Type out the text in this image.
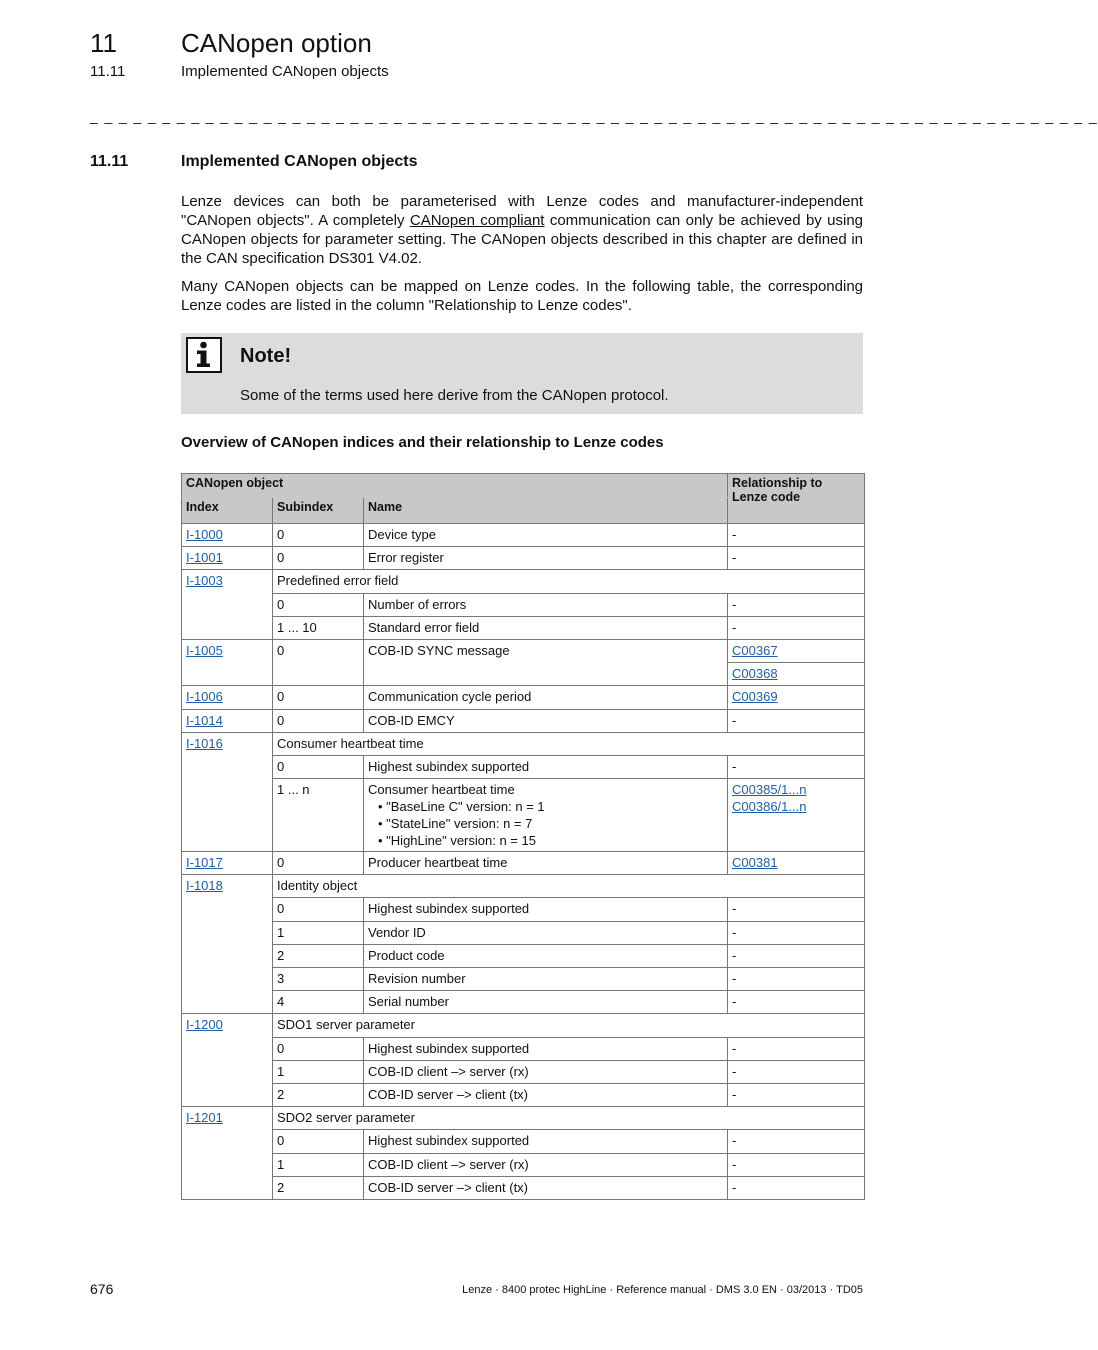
11 CANopen option
11.11	Implemented CANopen objects
_ _ _ _ _ _ _ _ _ _ _ _ _ _ _ _ _ _ _ _ _ _ _ _ _ _ _ _ _ _ _ _ _ _ _ _ _ _ _ _ _ _ _ _ _ _ _ _ _ _ _ _ _ _ _ _ _ _ _ _ _ _ _ _ _ _ _ _ _ _
11.11	Implemented CANopen objects

Lenze devices can both be parameterised with Lenze codes and manufacturer-independent "CANopen objects". A completely CANopen compliant communication can only be achieved by using CANopen objects for parameter setting. The CANopen objects described in this chapter are defined in the CAN specification DS301 V4.02.

Many CANopen objects can be mapped on Lenze codes. In the following table, the corresponding Lenze codes are listed in the column "Relationship to Lenze codes".

Note!
Some of the terms used here derive from the CANopen protocol.
Overview of CANopen indices and their relationship to Lenze codes
CANopen object			Relationship to Lenze code
Index	Subindex	Name	
I-1000	0	Device type	-
I-1001	0	Error register	-
I-1003	Predefined error field		
	0	Number of errors	-
	1 ... 10	Standard error field	-
I-1005	0	COB-ID SYNC message	C00367
			C00368
I-1006	0	Communication cycle period	C00369
I-1014	0	COB-ID EMCY	-
I-1016	Consumer heartbeat time		
	0	Highest subindex supported	-
	1 ... n	Consumer heartbeat time
• "BaseLine C" version: n = 1
• "StateLine" version: n = 7
• "HighLine" version: n = 15	C00385/1...n
C00386/1...n
I-1017	0	Producer heartbeat time	C00381
I-1018	Identity object		
	0	Highest subindex supported	-
	1	Vendor ID	-
	2	Product code	-
	3	Revision number	-
	4	Serial number	-
I-1200	SDO1 server parameter		
	0	Highest subindex supported	-
	1	COB-ID client –> server (rx)	-
	2	COB-ID server –> client (tx)	-
I-1201	SDO2 server parameter		
	0	Highest subindex supported	-
	1	COB-ID client –> server (rx)	-
	2	COB-ID server –> client (tx)	-
676	Lenze · 8400 protec HighLine · Reference manual · DMS 3.0 EN · 03/2013 · TD05
